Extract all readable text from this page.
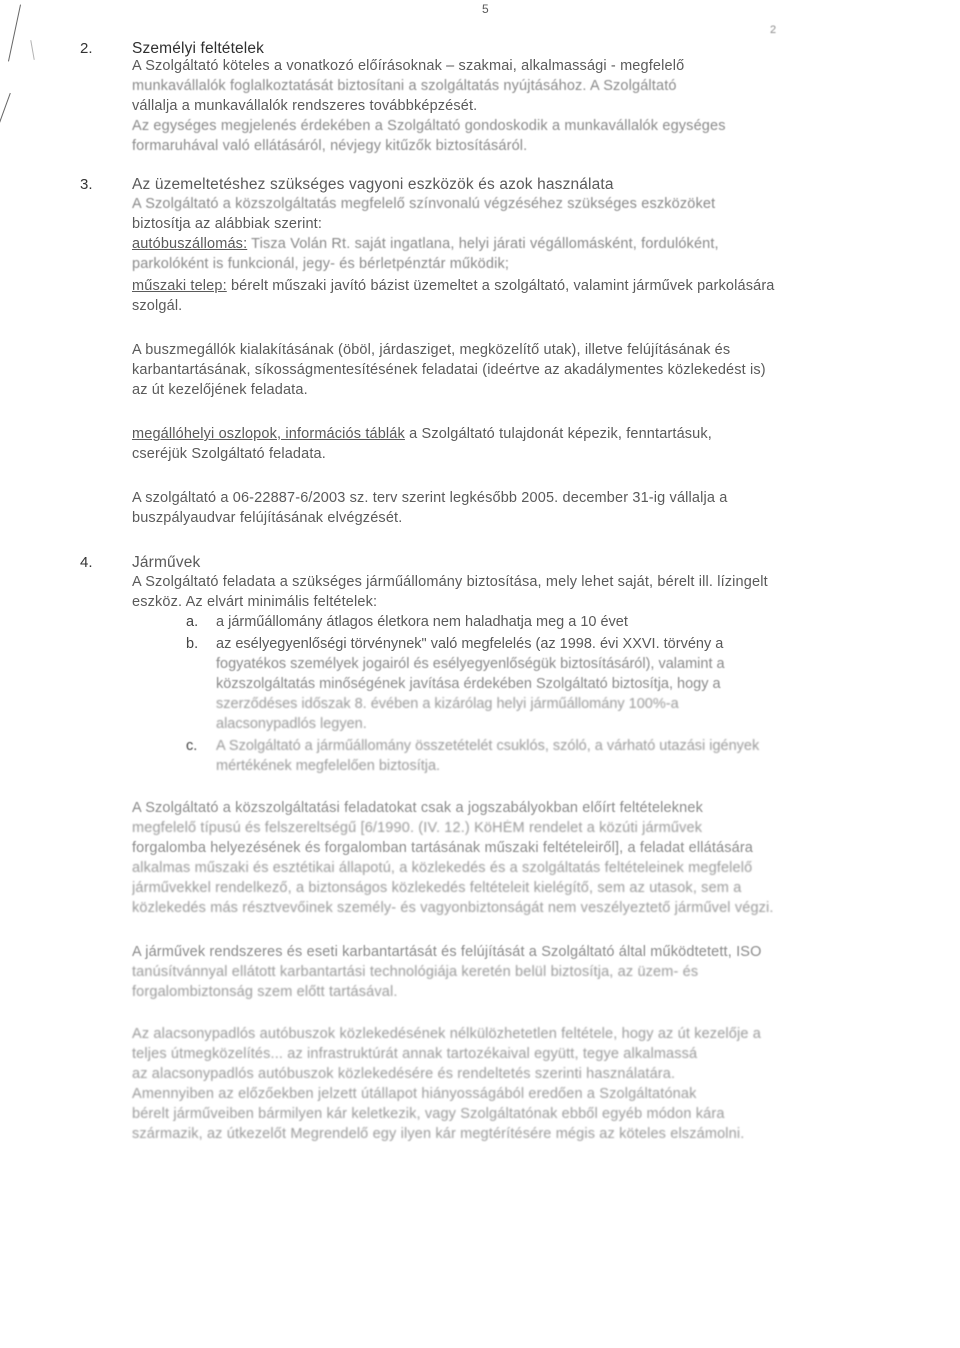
5
2
2.	Személyi feltételek
A Szolgáltató köteles a vonatkozó előírásoknak – szakmai, alkalmassági - megfelelő
munkavállalók foglalkoztatását biztosítani a szolgáltatás nyújtásához. A Szolgáltató
vállalja a munkavállalók rendszeres továbbképzését.
Az egységes megjelenés érdekében a Szolgáltató gondoskodik a munkavállalók egységes
formaruhával való ellátásáról, névjegy kitűzők biztosításáról.
3.	Az üzemeltetéshez szükséges vagyoni eszközök és azok használata
A Szolgáltató a közszolgáltatás megfelelő színvonalú végzéséhez szükséges eszközöket
biztosítja az alábbiak szerint:
autóbuszállomás: Tisza Volán Rt. saját ingatlana, helyi járati végállomásként, fordulóként,
parkolóként is funkcionál, jegy- és bérletpénztár működik;
műszaki telep: bérelt műszaki javító bázist üzemeltet a szolgáltató, valamint járművek parkolására
szolgál.
A buszmegállók kialakításának (öböl, járdasziget, megközelítő utak), illetve felújításának és
karbantartásának, síkosságmentesítésének feladatai (ideértve az akadálymentes közlekedést is)
az út kezelőjének feladata.
megállóhelyi oszlopok, információs táblák a Szolgáltató tulajdonát képezik, fenntartásuk,
cseréjük Szolgáltató feladata.
A szolgáltató a 06-22887-6/2003 sz. terv szerint legkésőbb 2005. december 31-ig vállalja a
buszpályaudvar felújításának elvégzését.
4.	Járművek
A Szolgáltató feladata a szükséges járműállomány biztosítása, mely lehet saját, bérelt ill. lízingelt
eszköz. Az elvárt minimális feltételek:
a. a járműállomány átlagos életkora nem haladhatja meg a 10 évet
b. az esélyegyenlőségi törvénynek" való megfelelés (az 1998. évi XXVI. törvény a
fogyatékos személyek jogairól és esélyegyenlőségük biztosításáról), valamint a
közszolgáltatás minőségének javítása érdekében Szolgáltató biztosítja, hogy a
szerződéses időszak 8. évében a kizárólag helyi járműállomány 100%-a
alacsonypadlós legyen.
c. A Szolgáltató a járműállomány összetételét csuklós, szóló, a várható utazási igények
mértékének megfelelően biztosítja.
A Szolgáltató a közszolgáltatási feladatokat csak a jogszabályokban előírt feltételeknek
megfelelő típusú és felszereltségű [6/1990. (IV. 12.) KöHÉM rendelet a közúti járművek
forgalomba helyezésének és forgalomban tartásának műszaki feltételeiről], a feladat ellátására
alkalmas műszaki és esztétikai állapotú, a közlekedés és a szolgáltatás feltételeinek megfelelő
járművekkel rendelkező, a biztonságos közlekedés feltételeit kielégítő, sem az utasok, sem a
közlekedés más résztvevőinek személy- és vagyonbiztonságát nem veszélyeztető járművel végzi.
A járművek rendszeres és eseti karbantartását és felújítását a Szolgáltató által működtetett, ISO
tanúsítvánnyal ellátott karbantartási technológiája keretén belül biztosítja, az üzem- és
forgalombiztonság szem előtt tartásával.
Az alacsonypadlós autóbuszok közlekedésének nélkülözhetetlen feltétele, hogy az út kezelője a
teljes útmegközelítés... az infrastruktúrát annak tartozékaival együtt, tegye alkalmassá
az alacsonypadlós autóbuszok közlekedésére és rendeltetés szerinti használatára.
Amennyiben az előzőekben jelzett útállapot hiányosságából eredően a Szolgáltatónak
bérelt járműveiben bármilyen kár keletkezik, vagy Szolgáltatónak ebből egyéb módon kára
származik, az útkezelőt Megrendelő egy ilyen kár megtérítésére mégis az köteles elszámolni.
